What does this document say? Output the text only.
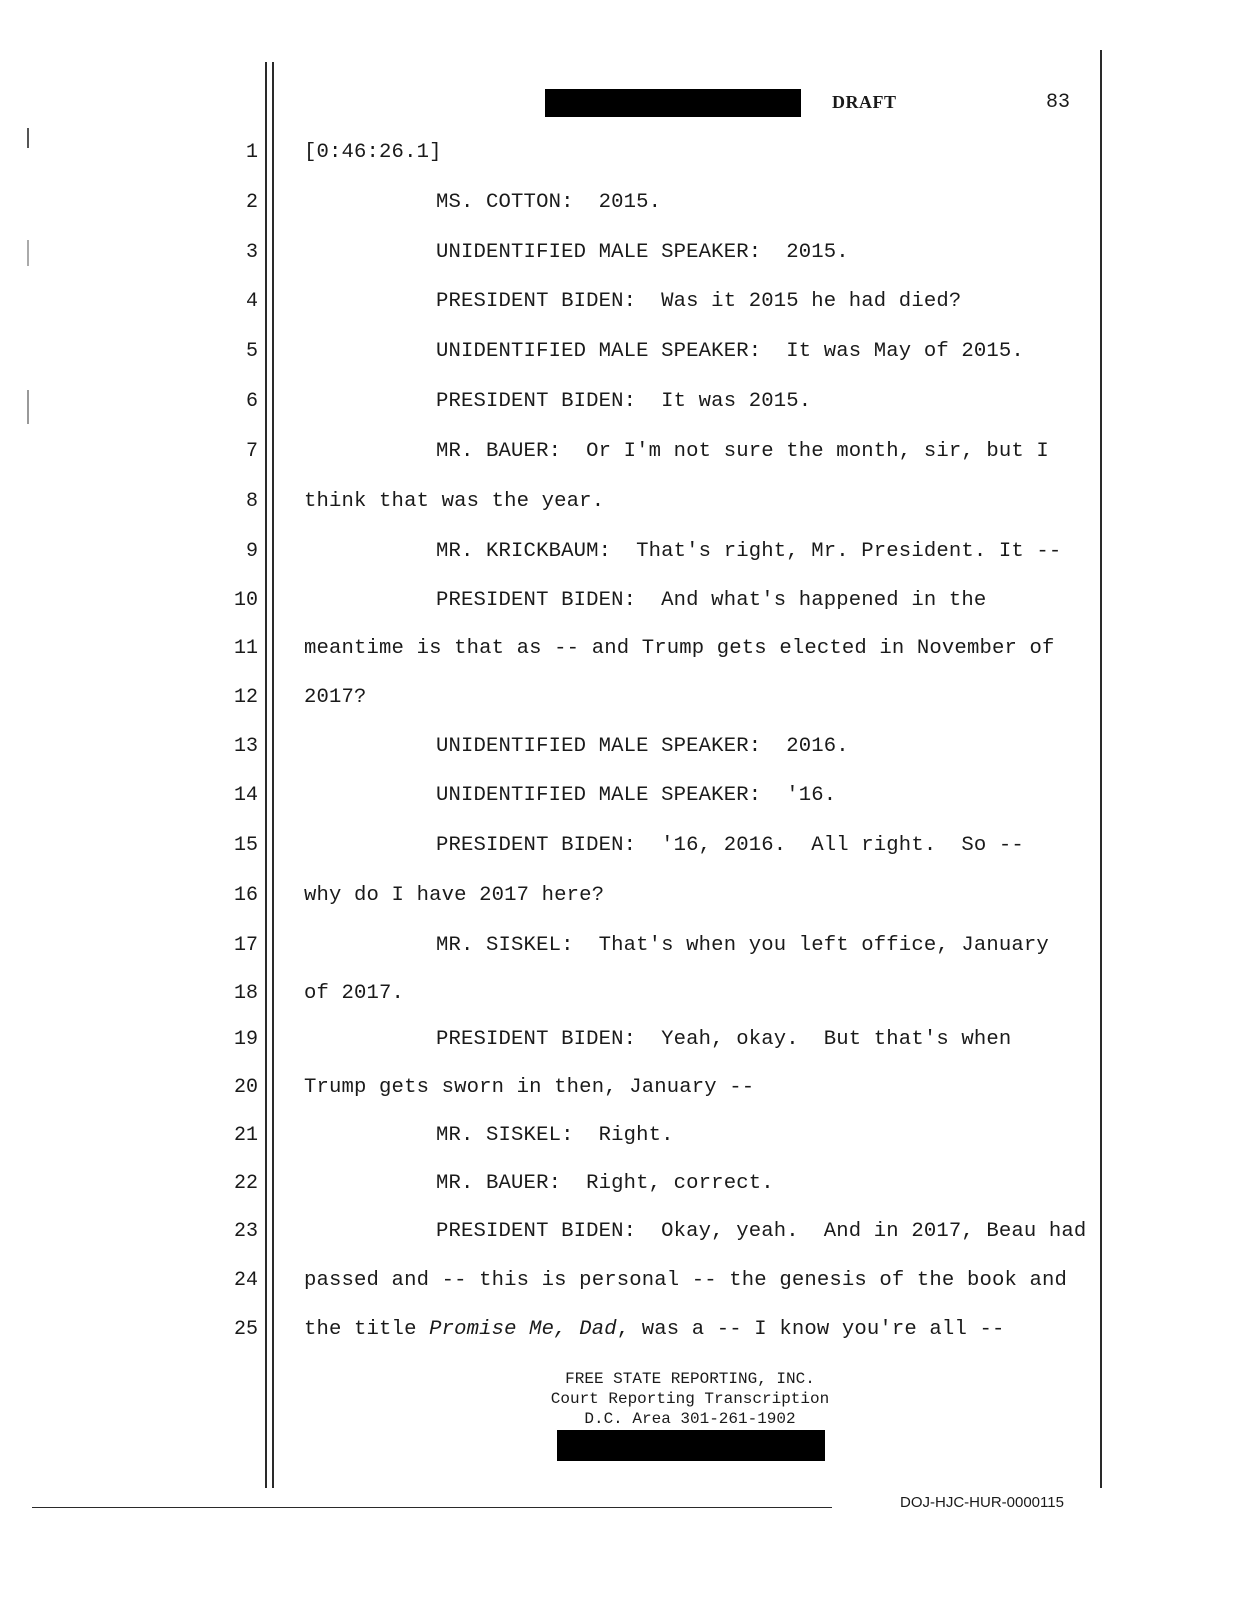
DRAFT	83
1 [0:46:26.1]
2	MS. COTTON:  2015.
3	UNIDENTIFIED MALE SPEAKER:  2015.
4	PRESIDENT BIDEN:  Was it 2015 he had died?
5	UNIDENTIFIED MALE SPEAKER:  It was May of 2015.
6	PRESIDENT BIDEN:  It was 2015.
7	MR. BAUER:  Or I'm not sure the month, sir, but I
8 think that was the year.
9	MR. KRICKBAUM:  That's right, Mr. President. It --
10	PRESIDENT BIDEN:  And what's happened in the
11 meantime is that as -- and Trump gets elected in November of
12 2017?
13	UNIDENTIFIED MALE SPEAKER:  2016.
14	UNIDENTIFIED MALE SPEAKER:  '16.
15	PRESIDENT BIDEN:  '16, 2016.  All right.  So --
16 why do I have 2017 here?
17	MR. SISKEL:  That's when you left office, January
18 of 2017.
19	PRESIDENT BIDEN:  Yeah, okay.  But that's when
20 Trump gets sworn in then, January --
21	MR. SISKEL:  Right.
22	MR. BAUER:  Right, correct.
23	PRESIDENT BIDEN:  Okay, yeah.  And in 2017, Beau had
24 passed and -- this is personal -- the genesis of the book and
25 the title Promise Me, Dad, was a -- I know you're all --
FREE STATE REPORTING, INC.
Court Reporting Transcription
D.C. Area 301-261-1902
DOJ-HJC-HUR-0000115
